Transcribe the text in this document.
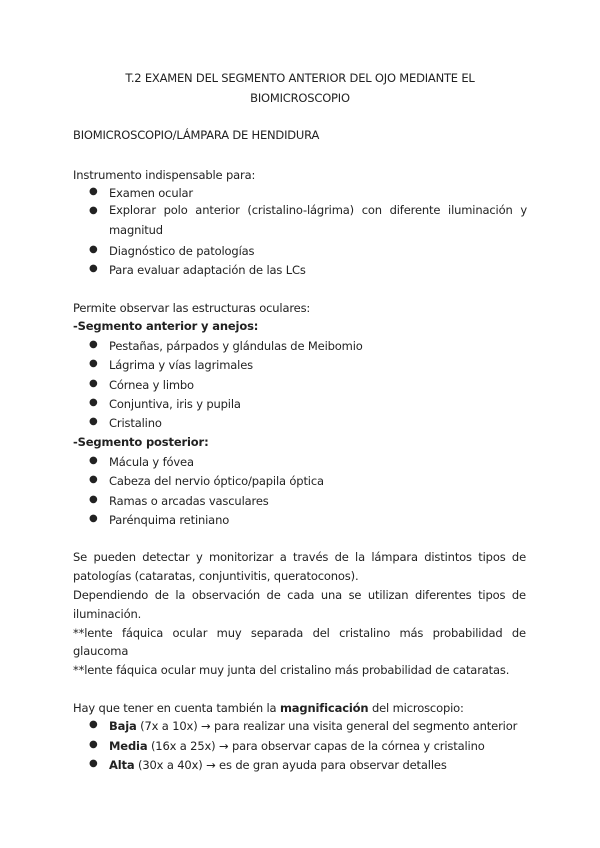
T.2 EXAMEN DEL SEGMENTO ANTERIOR DEL OJO MEDIANTE EL
BIOMICROSCOPIO
BIOMICROSCOPIO/LÁMPARA DE HENDIDURA
Instrumento indispensable para:
● Examen ocular
● Explorar polo anterior (cristalino-lágrima) con diferente iluminación y magnitud
● Diagnóstico de patologías
● Para evaluar adaptación de las LCs
Permite observar las estructuras oculares:
-Segmento anterior y anejos:
● Pestañas, párpados y glándulas de Meibomio
● Lágrima y vías lagrimales
● Córnea y limbo
● Conjuntiva, iris y pupila
● Cristalino
-Segmento posterior:
● Mácula y fóvea
● Cabeza del nervio óptico/papila óptica
● Ramas o arcadas vasculares
● Parénquima retiniano
Se pueden detectar y monitorizar a través de la lámpara distintos tipos de
patologías (cataratas, conjuntivitis, queratoconos).
Dependiendo de la observación de cada una se utilizan diferentes tipos de
iluminación.
**lente fáquica ocular muy separada del cristalino más probabilidad de
glaucoma
**lente fáquica ocular muy junta del cristalino más probabilidad de cataratas.
Hay que tener en cuenta también la magnificación del microscopio:
● Baja (7x a 10x) → para realizar una visita general del segmento anterior
● Media (16x a 25x) → para observar capas de la córnea y cristalino
● Alta (30x a 40x) → es de gran ayuda para observar detalles
